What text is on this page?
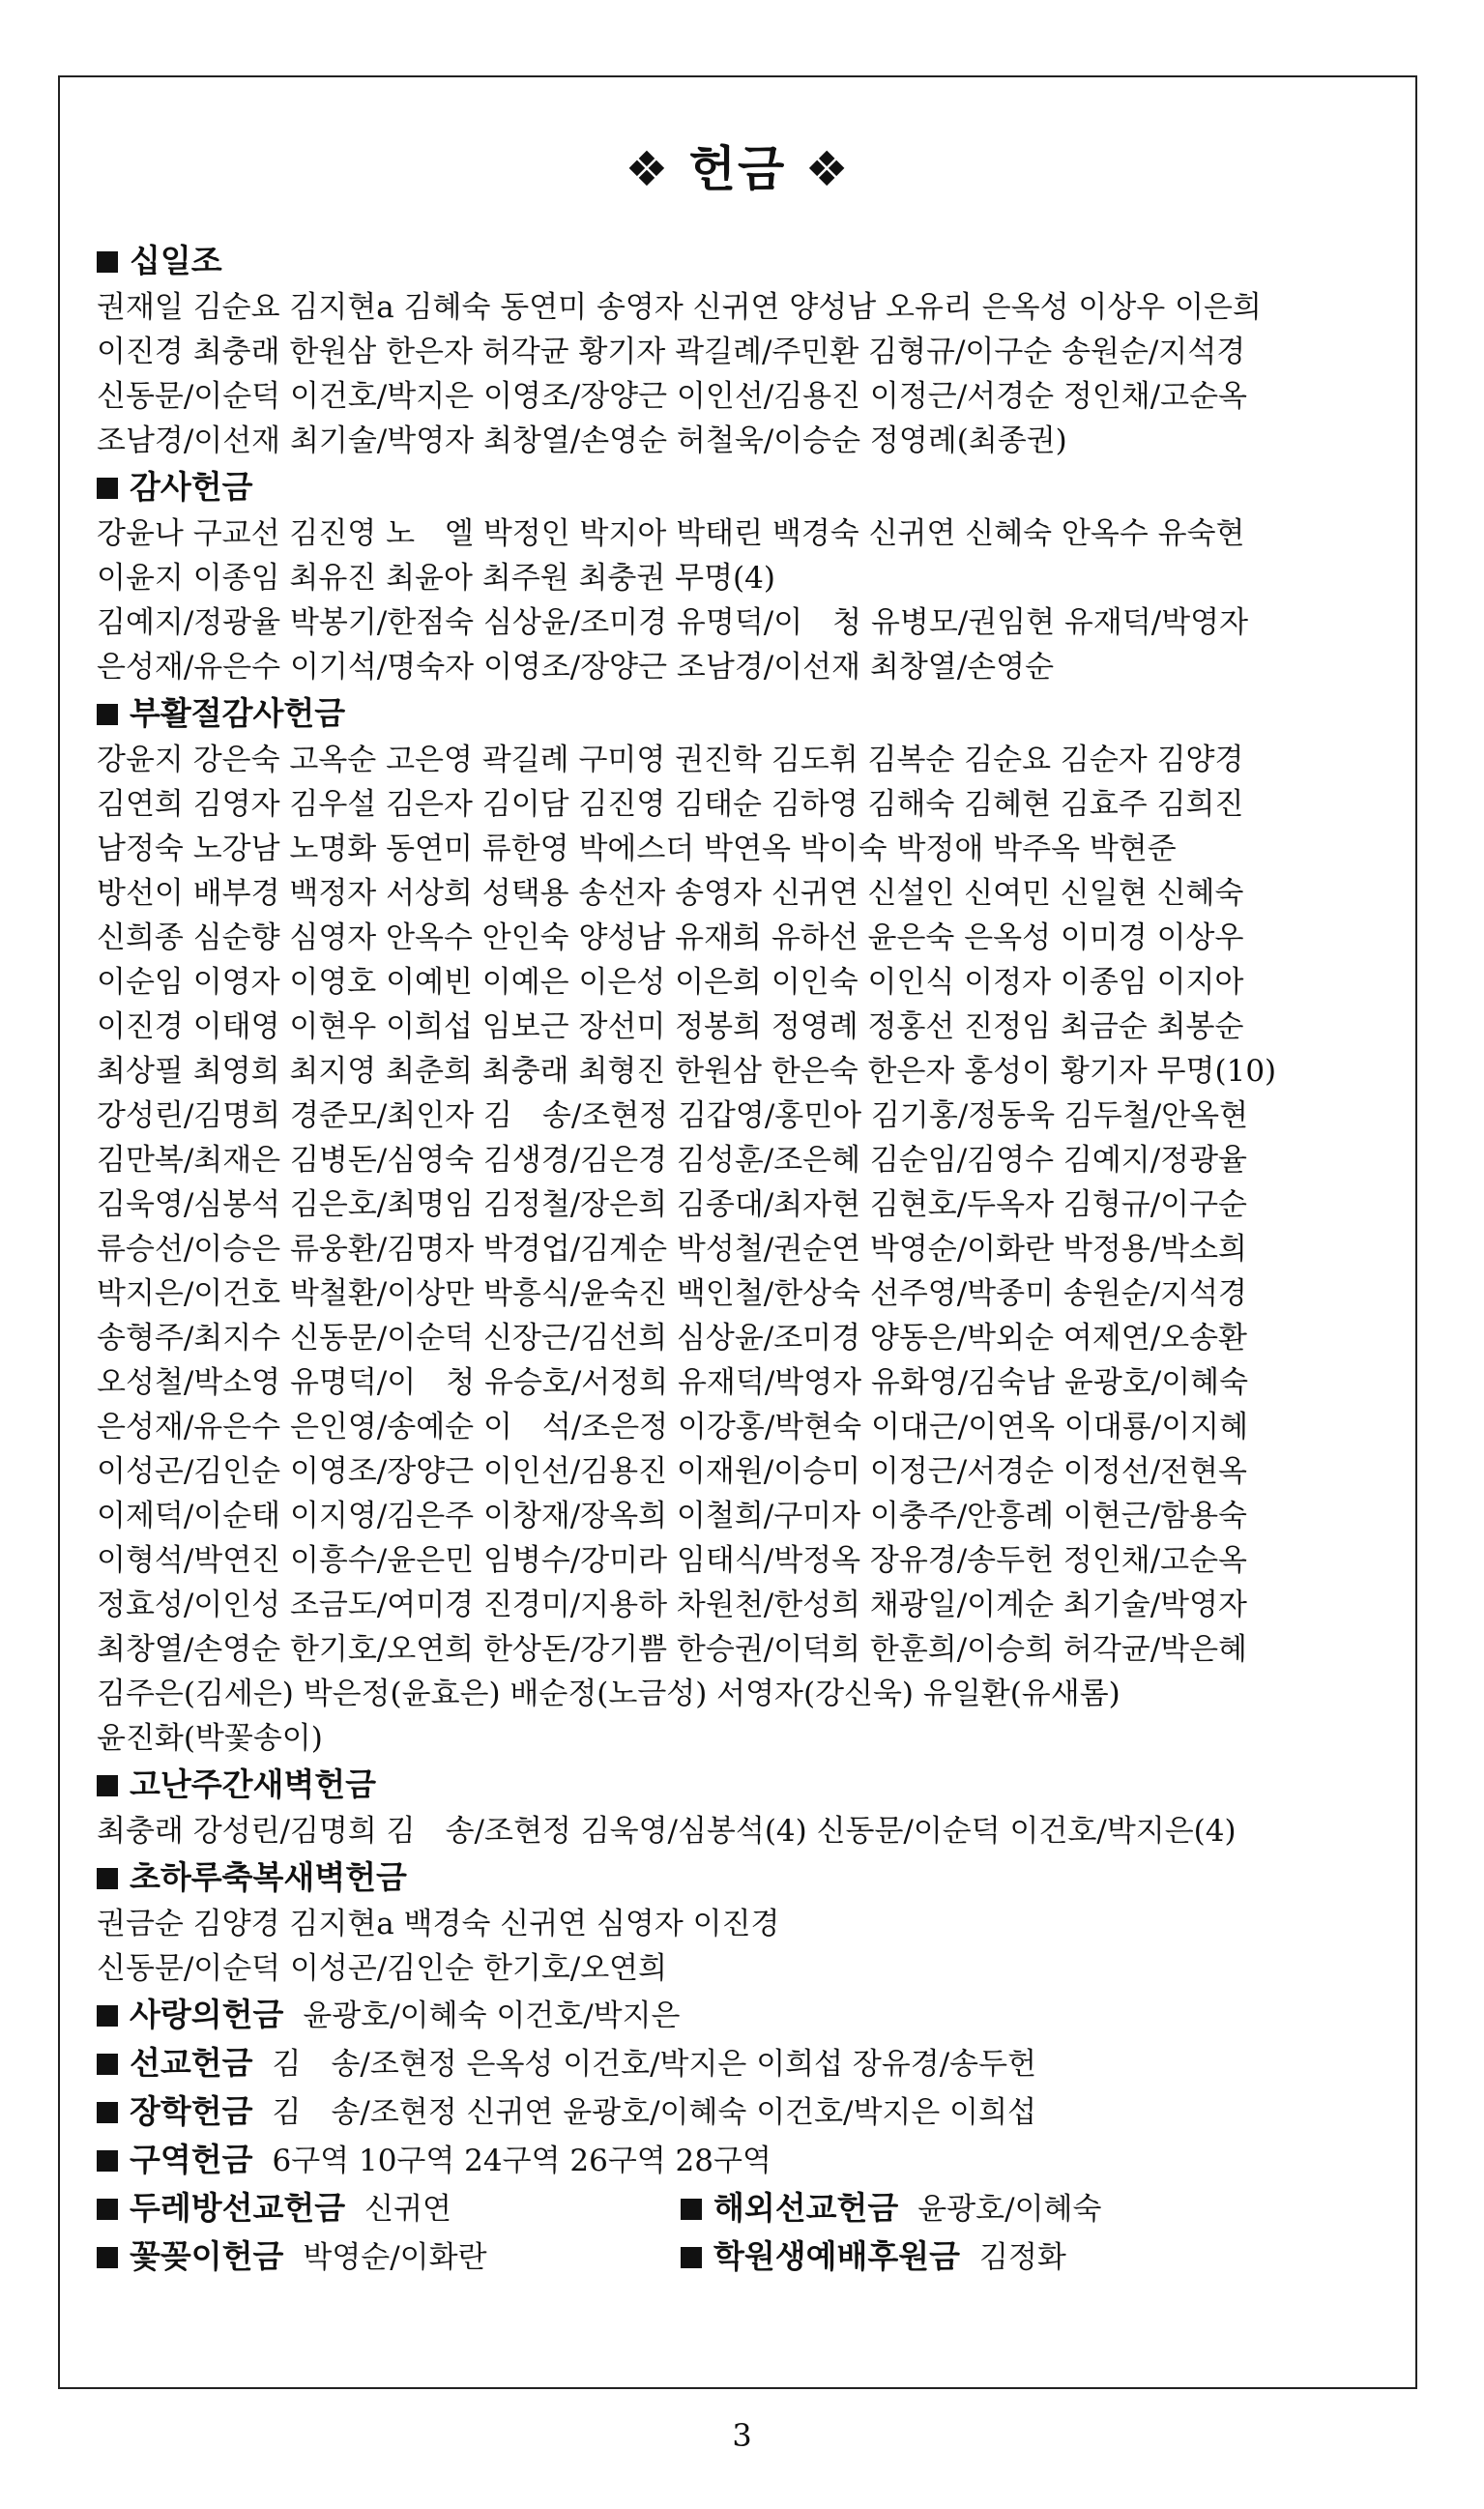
❖ 헌금 ❖
십일조
권재일 김순요 김지현a 김혜숙 동연미 송영자 신귀연 양성남 오유리 은옥성 이상우 이은희
이진경 최충래 한원삼 한은자 허각균 황기자 곽길례/주민환 김형규/이구순 송원순/지석경
신동문/이순덕 이건호/박지은 이영조/장양근 이인선/김용진 이정근/서경순 정인채/고순옥
조남경/이선재 최기술/박영자 최창열/손영순 허철욱/이승순 정영례(최종권)
감사헌금
강윤나 구교선 김진영 노　엘 박정인 박지아 박태린 백경숙 신귀연 신혜숙 안옥수 유숙현
이윤지 이종임 최유진 최윤아 최주원 최충권 무명(4)
김예지/정광율 박봉기/한점숙 심상윤/조미경 유명덕/이　청 유병모/권임현 유재덕/박영자
은성재/유은수 이기석/명숙자 이영조/장양근 조남경/이선재 최창열/손영순
부활절감사헌금
강윤지 강은숙 고옥순 고은영 곽길례 구미영 권진학 김도휘 김복순 김순요 김순자 김양경
김연희 김영자 김우설 김은자 김이담 김진영 김태순 김하영 김해숙 김혜현 김효주 김희진
남정숙 노강남 노명화 동연미 류한영 박에스더 박연옥 박이숙 박정애 박주옥 박현준
방선이 배부경 백정자 서상희 성택용 송선자 송영자 신귀연 신설인 신여민 신일현 신혜숙
신희종 심순향 심영자 안옥수 안인숙 양성남 유재희 유하선 윤은숙 은옥성 이미경 이상우
이순임 이영자 이영호 이예빈 이예은 이은성 이은희 이인숙 이인식 이정자 이종임 이지아
이진경 이태영 이현우 이희섭 임보근 장선미 정봉희 정영례 정홍선 진정임 최금순 최봉순
최상필 최영희 최지영 최춘희 최충래 최형진 한원삼 한은숙 한은자 홍성이 황기자 무명(10)
강성린/김명희 경준모/최인자 김　송/조현정 김갑영/홍민아 김기홍/정동욱 김두철/안옥현
김만복/최재은 김병돈/심영숙 김생경/김은경 김성훈/조은혜 김순임/김영수 김예지/정광율
김욱영/심봉석 김은호/최명임 김정철/장은희 김종대/최자현 김현호/두옥자 김형규/이구순
류승선/이승은 류웅환/김명자 박경업/김계순 박성철/권순연 박영순/이화란 박정용/박소희
박지은/이건호 박철환/이상만 박흥식/윤숙진 백인철/한상숙 선주영/박종미 송원순/지석경
송형주/최지수 신동문/이순덕 신장근/김선희 심상윤/조미경 양동은/박외순 여제연/오송환
오성철/박소영 유명덕/이　청 유승호/서정희 유재덕/박영자 유화영/김숙남 윤광호/이혜숙
은성재/유은수 은인영/송예순 이　석/조은정 이강홍/박현숙 이대근/이연옥 이대룡/이지혜
이성곤/김인순 이영조/장양근 이인선/김용진 이재원/이승미 이정근/서경순 이정선/전현옥
이제덕/이순태 이지영/김은주 이창재/장옥희 이철희/구미자 이충주/안흥례 이현근/함용숙
이형석/박연진 이흥수/윤은민 임병수/강미라 임태식/박정옥 장유경/송두헌 정인채/고순옥
정효성/이인성 조금도/여미경 진경미/지용하 차원천/한성희 채광일/이계순 최기술/박영자
최창열/손영순 한기호/오연희 한상돈/강기쁨 한승권/이덕희 한훈희/이승희 허각균/박은혜
김주은(김세은) 박은정(윤효은) 배순정(노금성) 서영자(강신욱) 유일환(유새롬)
윤진화(박꽃송이)
고난주간새벽헌금
최충래 강성린/김명희 김　송/조현정 김욱영/심봉석(4) 신동문/이순덕 이건호/박지은(4)
초하루축복새벽헌금
권금순 김양경 김지현a 백경숙 신귀연 심영자 이진경
신동문/이순덕 이성곤/김인순 한기호/오연희
사랑의헌금 윤광호/이혜숙 이건호/박지은
선교헌금 김　송/조현정 은옥성 이건호/박지은 이희섭 장유경/송두헌
장학헌금 김　송/조현정 신귀연 윤광호/이혜숙 이건호/박지은 이희섭
구역헌금 6구역 10구역 24구역 26구역 28구역
두레방선교헌금 신귀연	해외선교헌금 윤광호/이혜숙
꽃꽂이헌금 박영순/이화란	학원생예배후원금 김정화
3
